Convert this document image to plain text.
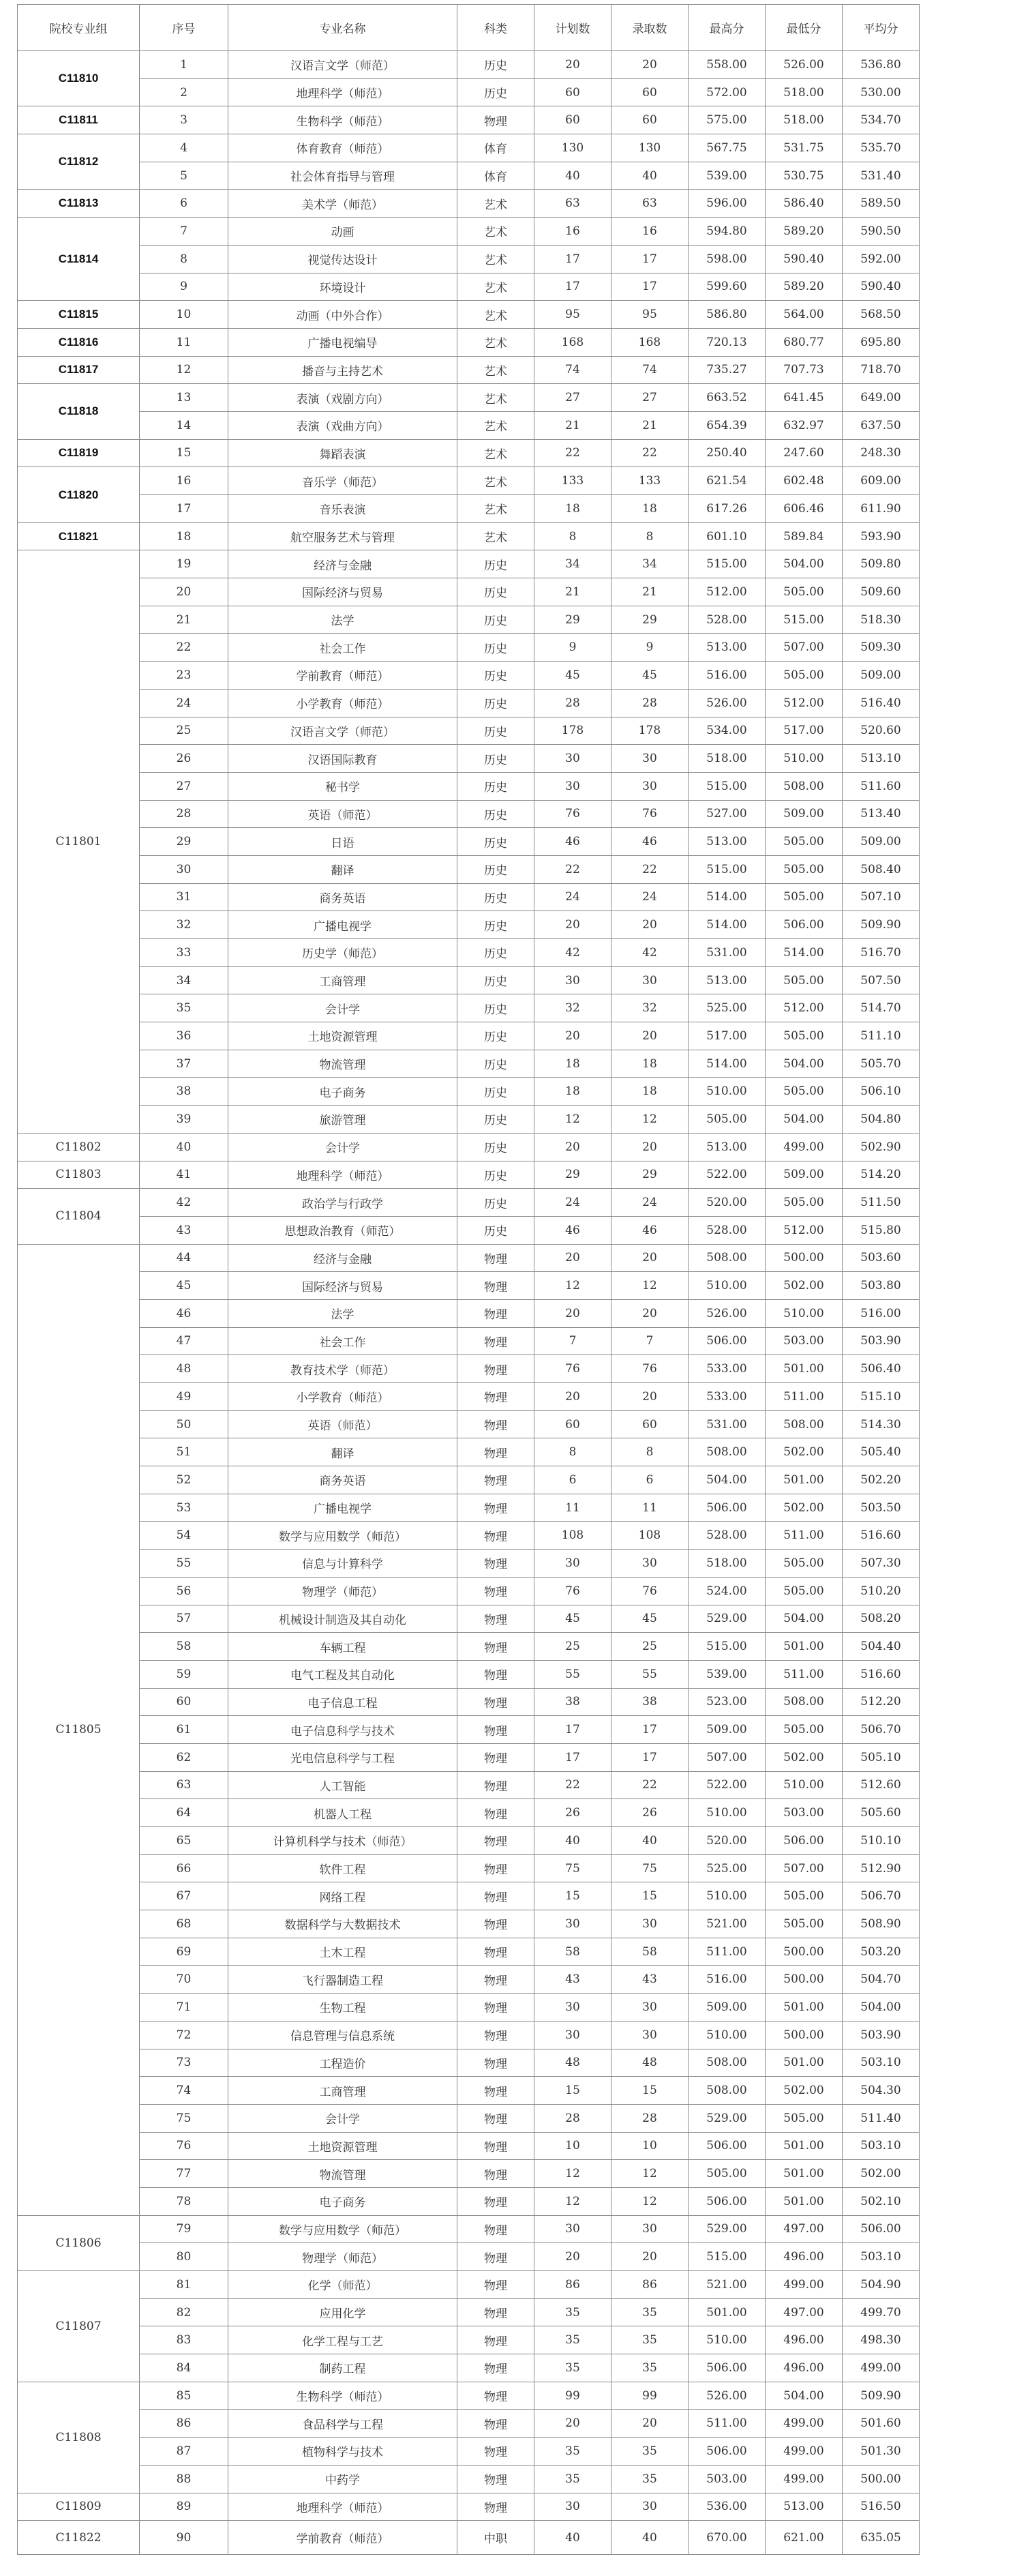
院校专业组	序号	专业名称	科类	计划数	录取数	最高分	最低分	平均分
C11810	1	汉语言文学（师范）	历史	20	20	558.00	526.00	536.80
	2	地理科学（师范）	历史	60	60	572.00	518.00	530.00
C11811	3	生物科学（师范）	物理	60	60	575.00	518.00	534.70
C11812	4	体育教育（师范）	体育	130	130	567.75	531.75	535.70
	5	社会体育指导与管理	体育	40	40	539.00	530.75	531.40
C11813	6	美术学（师范）	艺术	63	63	596.00	586.40	589.50
C11814	7	动画	艺术	16	16	594.80	589.20	590.50
	8	视觉传达设计	艺术	17	17	598.00	590.40	592.00
	9	环境设计	艺术	17	17	599.60	589.20	590.40
C11815	10	动画（中外合作）	艺术	95	95	586.80	564.00	568.50
C11816	11	广播电视编导	艺术	168	168	720.13	680.77	695.80
C11817	12	播音与主持艺术	艺术	74	74	735.27	707.73	718.70
C11818	13	表演（戏剧方向）	艺术	27	27	663.52	641.45	649.00
	14	表演（戏曲方向）	艺术	21	21	654.39	632.97	637.50
C11819	15	舞蹈表演	艺术	22	22	250.40	247.60	248.30
C11820	16	音乐学（师范）	艺术	133	133	621.54	602.48	609.00
	17	音乐表演	艺术	18	18	617.26	606.46	611.90
C11821	18	航空服务艺术与管理	艺术	8	8	601.10	589.84	593.90
C11801	19	经济与金融	历史	34	34	515.00	504.00	509.80
	20	国际经济与贸易	历史	21	21	512.00	505.00	509.60
	21	法学	历史	29	29	528.00	515.00	518.30
	22	社会工作	历史	9	9	513.00	507.00	509.30
	23	学前教育（师范）	历史	45	45	516.00	505.00	509.00
	24	小学教育（师范）	历史	28	28	526.00	512.00	516.40
	25	汉语言文学（师范）	历史	178	178	534.00	517.00	520.60
	26	汉语国际教育	历史	30	30	518.00	510.00	513.10
	27	秘书学	历史	30	30	515.00	508.00	511.60
	28	英语（师范）	历史	76	76	527.00	509.00	513.40
	29	日语	历史	46	46	513.00	505.00	509.00
	30	翻译	历史	22	22	515.00	505.00	508.40
	31	商务英语	历史	24	24	514.00	505.00	507.10
	32	广播电视学	历史	20	20	514.00	506.00	509.90
	33	历史学（师范）	历史	42	42	531.00	514.00	516.70
	34	工商管理	历史	30	30	513.00	505.00	507.50
	35	会计学	历史	32	32	525.00	512.00	514.70
	36	土地资源管理	历史	20	20	517.00	505.00	511.10
	37	物流管理	历史	18	18	514.00	504.00	505.70
	38	电子商务	历史	18	18	510.00	505.00	506.10
	39	旅游管理	历史	12	12	505.00	504.00	504.80
C11802	40	会计学	历史	20	20	513.00	499.00	502.90
C11803	41	地理科学（师范）	历史	29	29	522.00	509.00	514.20
C11804	42	政治学与行政学	历史	24	24	520.00	505.00	511.50
	43	思想政治教育（师范）	历史	46	46	528.00	512.00	515.80
C11805	44	经济与金融	物理	20	20	508.00	500.00	503.60
	45	国际经济与贸易	物理	12	12	510.00	502.00	503.80
	46	法学	物理	20	20	526.00	510.00	516.00
	47	社会工作	物理	7	7	506.00	503.00	503.90
	48	教育技术学（师范）	物理	76	76	533.00	501.00	506.40
	49	小学教育（师范）	物理	20	20	533.00	511.00	515.10
	50	英语（师范）	物理	60	60	531.00	508.00	514.30
	51	翻译	物理	8	8	508.00	502.00	505.40
	52	商务英语	物理	6	6	504.00	501.00	502.20
	53	广播电视学	物理	11	11	506.00	502.00	503.50
	54	数学与应用数学（师范）	物理	108	108	528.00	511.00	516.60
	55	信息与计算科学	物理	30	30	518.00	505.00	507.30
	56	物理学（师范）	物理	76	76	524.00	505.00	510.20
	57	机械设计制造及其自动化	物理	45	45	529.00	504.00	508.20
	58	车辆工程	物理	25	25	515.00	501.00	504.40
	59	电气工程及其自动化	物理	55	55	539.00	511.00	516.60
	60	电子信息工程	物理	38	38	523.00	508.00	512.20
	61	电子信息科学与技术	物理	17	17	509.00	505.00	506.70
	62	光电信息科学与工程	物理	17	17	507.00	502.00	505.10
	63	人工智能	物理	22	22	522.00	510.00	512.60
	64	机器人工程	物理	26	26	510.00	503.00	505.60
	65	计算机科学与技术（师范）	物理	40	40	520.00	506.00	510.10
	66	软件工程	物理	75	75	525.00	507.00	512.90
	67	网络工程	物理	15	15	510.00	505.00	506.70
	68	数据科学与大数据技术	物理	30	30	521.00	505.00	508.90
	69	土木工程	物理	58	58	511.00	500.00	503.20
	70	飞行器制造工程	物理	43	43	516.00	500.00	504.70
	71	生物工程	物理	30	30	509.00	501.00	504.00
	72	信息管理与信息系统	物理	30	30	510.00	500.00	503.90
	73	工程造价	物理	48	48	508.00	501.00	503.10
	74	工商管理	物理	15	15	508.00	502.00	504.30
	75	会计学	物理	28	28	529.00	505.00	511.40
	76	土地资源管理	物理	10	10	506.00	501.00	503.10
	77	物流管理	物理	12	12	505.00	501.00	502.00
	78	电子商务	物理	12	12	506.00	501.00	502.10
C11806	79	数学与应用数学（师范）	物理	30	30	529.00	497.00	506.00
	80	物理学（师范）	物理	20	20	515.00	496.00	503.10
C11807	81	化学（师范）	物理	86	86	521.00	499.00	504.90
	82	应用化学	物理	35	35	501.00	497.00	499.70
	83	化学工程与工艺	物理	35	35	510.00	496.00	498.30
	84	制药工程	物理	35	35	506.00	496.00	499.00
C11808	85	生物科学（师范）	物理	99	99	526.00	504.00	509.90
	86	食品科学与工程	物理	20	20	511.00	499.00	501.60
	87	植物科学与技术	物理	35	35	506.00	499.00	501.30
	88	中药学	物理	35	35	503.00	499.00	500.00
C11809	89	地理科学（师范）	物理	30	30	536.00	513.00	516.50
C11822	90	学前教育（师范）	中职	40	40	670.00	621.00	635.05
